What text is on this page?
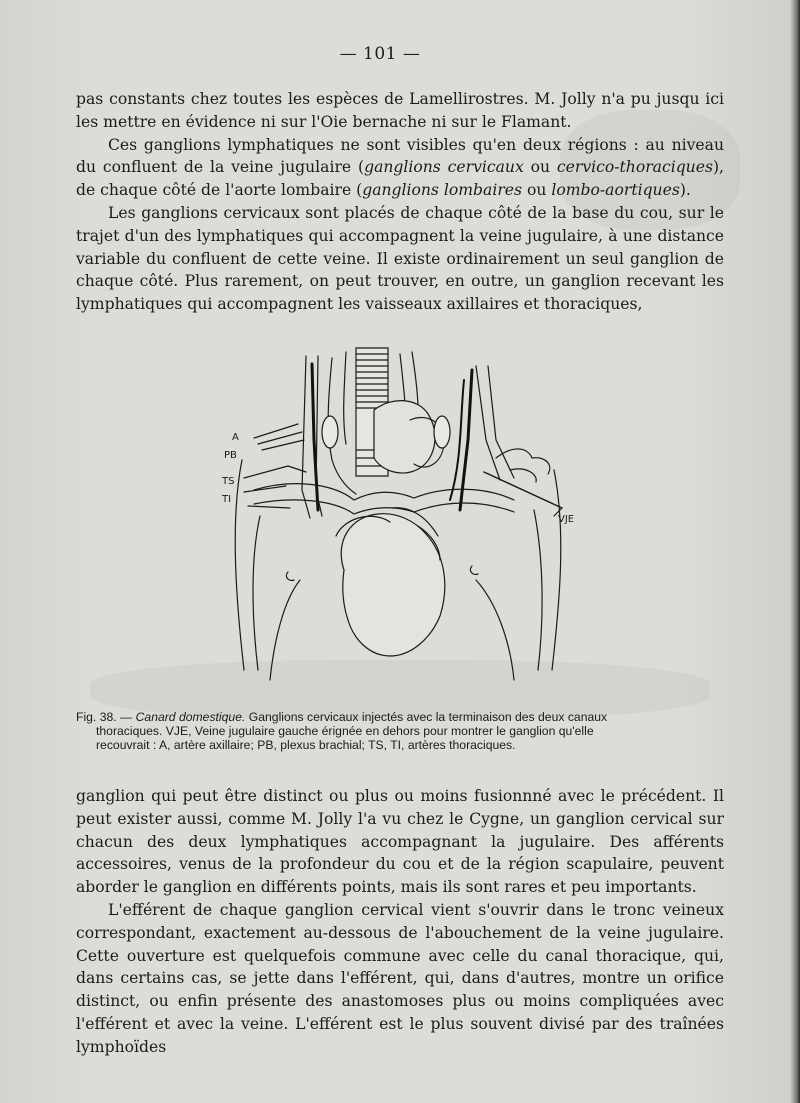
— 101 —

pas constants chez toutes les espèces de Lamellirostres. M. Jolly n'a pu jusqu ici les mettre en évidence ni sur l'Oie bernache ni sur le Flamant.

Ces ganglions lymphatiques ne sont visibles qu'en deux régions : au niveau du confluent de la veine jugulaire (ganglions cervicaux ou cervico-thoraciques), de chaque côté de l'aorte lombaire (ganglions lombaires ou lombo-aortiques).

Les ganglions cervicaux sont placés de chaque côté de la base du cou, sur le trajet d'un des lymphatiques qui accompagnent la veine jugulaire, à une distance variable du confluent de cette veine. Il existe ordinairement un seul ganglion de chaque côté. Plus rarement, on peut trouver, en outre, un ganglion recevant les lymphatiques qui accompagnent les vaisseaux axillaires et thoraciques,

A
PB
TS
TI
VJE
Fig. 38. — Canard domestique. Ganglions cervicaux injectés avec la terminaison des deux canaux
thoraciques. VJE, Veine jugulaire gauche érignée en dehors pour montrer le ganglion qu'elle
recouvrait : A, artère axillaire; PB, plexus brachial; TS, TI, artères thoraciques.

ganglion qui peut être distinct ou plus ou moins fusionnné avec le précédent. Il peut exister aussi, comme M. Jolly l'a vu chez le Cygne, un ganglion cervical sur chacun des deux lymphatiques accompagnant la jugulaire. Des afférents accessoires, venus de la profondeur du cou et de la région scapulaire, peuvent aborder le ganglion en différents points, mais ils sont rares et peu importants.

L'efférent de chaque ganglion cervical vient s'ouvrir dans le tronc veineux correspondant, exactement au-dessous de l'abouchement de la veine jugulaire. Cette ouverture est quelquefois commune avec celle du canal thoracique, qui, dans certains cas, se jette dans l'efférent, qui, dans d'autres, montre un orifice distinct, ou enfin présente des anastomoses plus ou moins compliquées avec l'efférent et avec la veine. L'efférent est le plus souvent divisé par des traînées lymphoïdes
